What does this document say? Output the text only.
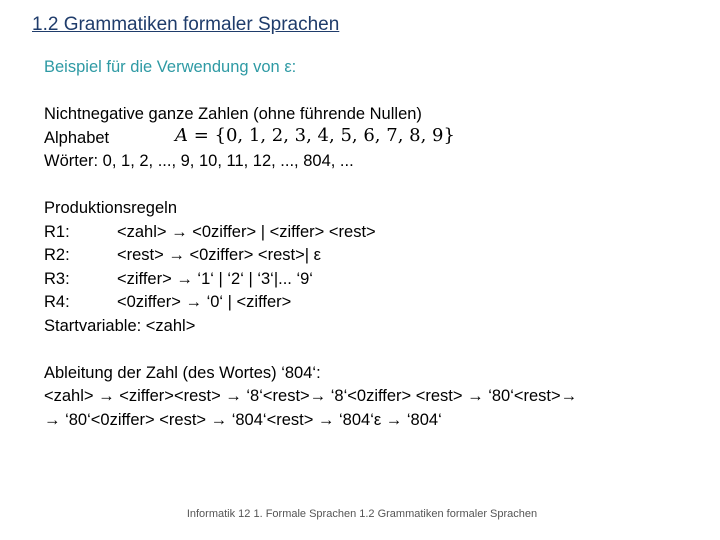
1.2 Grammatiken formaler Sprachen
Beispiel für die Verwendung von ε:
Nichtnegative ganze Zahlen (ohne führende Nullen)
Alphabet	A = {0, 1, 2, 3, 4, 5, 6, 7, 8, 9}
Wörter: 0, 1, 2, ..., 9, 10, 11, 12, ..., 804, ...
Produktionsregeln
R1:	<zahl> → <0ziffer> | <ziffer> <rest>
R2:	<rest> → <0ziffer> <rest>| ε
R3:	<ziffer> → ‘1‘ | ‘2‘ | ‘3‘|... ‘9‘
R4:	<0ziffer> → ‘0‘ | <ziffer>
Startvariable: <zahl>
Ableitung der Zahl (des Wortes) ‘804‘:
<zahl> → <ziffer><rest> → ‘8‘<rest>→ ‘8‘<0ziffer> <rest> → ‘80‘<rest>→
→ ‘80‘<0ziffer> <rest> → ‘804‘<rest> → ‘804‘ε → ‘804‘
Informatik 12 1. Formale Sprachen 1.2 Grammatiken formaler Sprachen
